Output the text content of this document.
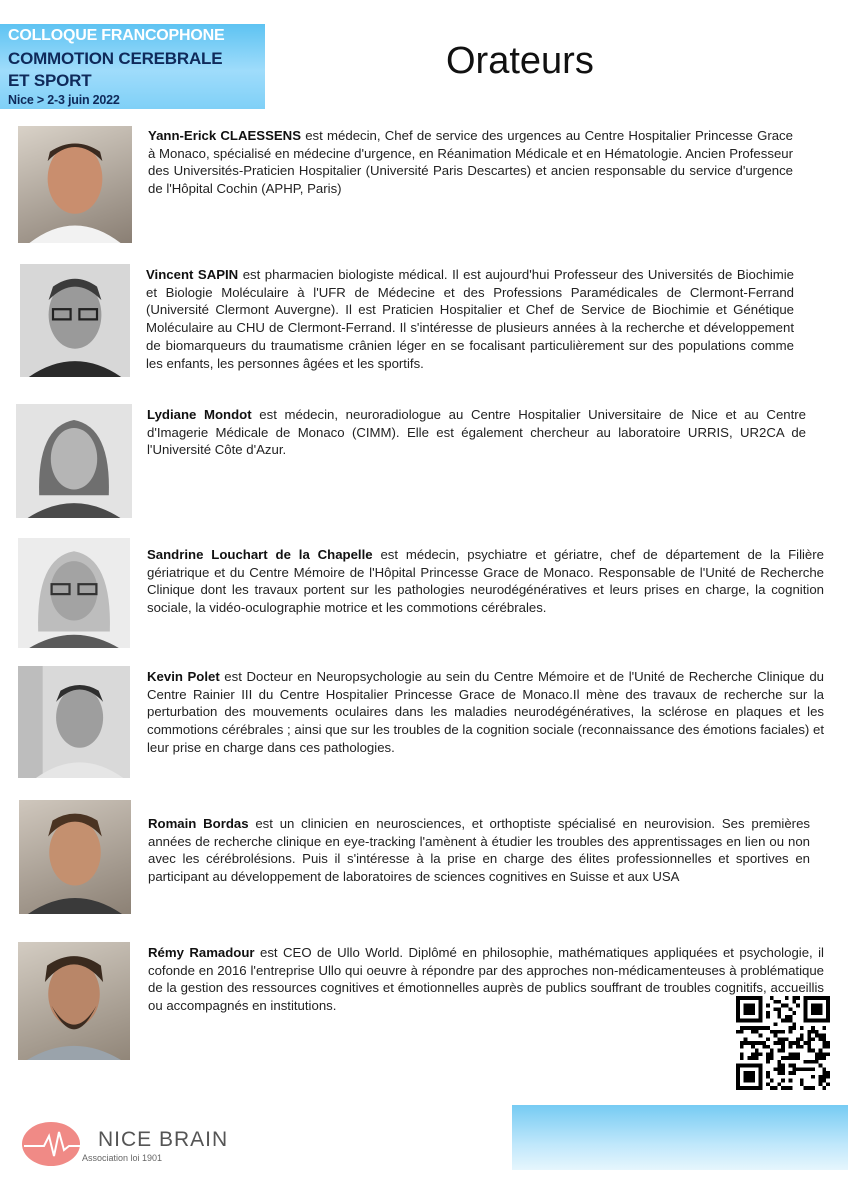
COLLOQUE FRANCOPHONE
COMMOTION CEREBRALE
ET SPORT
Nice > 2-3 juin 2022
Orateurs
Yann-Erick CLAESSENS est médecin, Chef de service des urgences au Centre Hospitalier Princesse Grace à Monaco, spécialisé en médecine d'urgence, en Réanimation Médicale et en Hématologie. Ancien Professeur des Universités-Praticien Hospitalier (Université Paris Descartes) et ancien responsable du service d'urgence de l'Hôpital Cochin (APHP, Paris)
Vincent SAPIN est pharmacien biologiste médical. Il est aujourd'hui Professeur des Universités de Biochimie et Biologie Moléculaire à l'UFR de Médecine et des Professions Paramédicales de Clermont-Ferrand (Université Clermont Auvergne). Il est Praticien Hospitalier et Chef de Service de Biochimie et Génétique Moléculaire au CHU de Clermont-Ferrand. Il s'intéresse de plusieurs années à la recherche et développement de biomarqueurs du traumatisme crânien léger en se focalisant particulièrement sur des populations comme les enfants, les personnes âgées et les sportifs.
Lydiane Mondot est médecin, neuroradiologue au Centre Hospitalier Universitaire de Nice et au Centre d'Imagerie Médicale de Monaco (CIMM). Elle est également chercheur au laboratoire URRIS, UR2CA de l'Université Côte d'Azur.
Sandrine Louchart de la Chapelle est médecin, psychiatre et gériatre, chef de département de la Filière gériatrique et du Centre Mémoire de l'Hôpital Princesse Grace de Monaco. Responsable de l'Unité de Recherche Clinique dont les travaux portent sur les pathologies neurodégénératives et leurs prises en charge, la cognition sociale, la vidéo-oculographie motrice et les commotions cérébrales.
Kevin Polet est Docteur en Neuropsychologie au sein du Centre Mémoire et de l'Unité de Recherche Clinique du Centre Rainier III du Centre Hospitalier Princesse Grace de Monaco.Il mène des travaux de recherche sur la perturbation des mouvements oculaires dans les maladies neurodégénératives, la sclérose en plaques et les commotions cérébrales ; ainsi que sur les troubles de la cognition sociale (reconnaissance des émotions faciales) et leur prise en charge dans ces pathologies.
Romain Bordas est un clinicien en neurosciences, et orthoptiste spécialisé en neurovision. Ses premières années de recherche clinique en eye-tracking l'amènent à étudier les troubles des apprentissages en lien ou non avec les cérébrolésions. Puis il s'intéresse à la prise en charge des élites professionnelles et sportives en participant au développement de laboratoires de sciences cognitives en Suisse et aux USA
Rémy Ramadour est CEO de Ullo World. Diplômé en philosophie, mathématiques appliquées et psychologie, il cofonde en 2016 l'entreprise Ullo qui oeuvre à répondre par des approches non-médicamenteuses à problématique de la gestion des ressources cognitives et émotionnelles auprès de publics souffrant de troubles cognitifs, accueillis ou accompagnés en institutions.
NICE BRAIN
Association loi 1901
